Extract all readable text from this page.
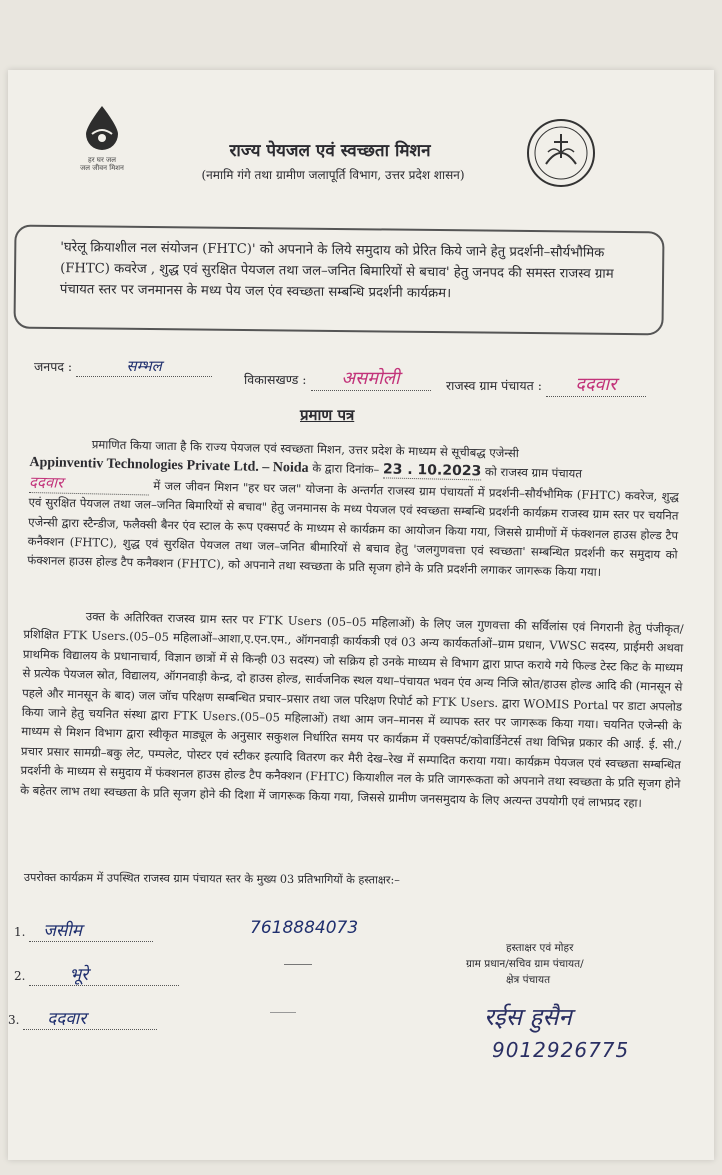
हर घर जल
जल जीवन मिशन
राज्य पेयजल एवं स्वच्छता मिशन
(नमामि गंगे तथा ग्रामीण जलापूर्ति विभाग, उत्तर प्रदेश शासन)
'घरेलू क्रियाशील नल संयोजन (FHTC)' को अपनाने के लिये समुदाय को प्रेरित किये जाने हेतु प्रदर्शनी–सौर्यभौमिक (FHTC) कवरेज , शुद्ध एवं सुरक्षित पेयजल तथा जल–जनित बिमारियों से बचाव' हेतु जनपद की समस्त राजस्व ग्राम पंचायत स्तर पर जनमानस के मध्य पेय जल एंव स्वच्छता सम्बन्धि प्रदर्शनी कार्यक्रम।
जनपद :	सम्भल
विकासखण्ड : असमोली	राजस्व ग्राम पंचायत : ददवार
प्रमाण पत्र
प्रमाणित किया जाता है कि राज्य पेयजल एवं स्वच्छता मिशन, उत्तर प्रदेश के माध्यम से सूचीबद्ध एजेन्सी
Appinventiv Technologies Private Ltd. – Noida के द्वारा दिनांक– 23 . 10.2023 को राजस्व ग्राम पंचायत
ददवार	में जल जीवन मिशन "हर घर जल" योजना के अन्तर्गत राजस्व ग्राम पंचायतों में प्रदर्शनी–सौर्यभौमिक (FHTC) कवरेज, शुद्ध एवं सुरक्षित पेयजल तथा जल–जनित बिमारियों से बचाव" हेतु जनमानस के मध्य पेयजल एवं स्वच्छता सम्बन्धि प्रदर्शनी कार्यक्रम राजस्व ग्राम स्तर पर चयनित एजेन्सी द्वारा स्टैन्डीज, फलैक्सी बैनर एंव स्टाल के रूप एक्सपर्ट के माध्यम से कार्यक्रम का आयोजन किया गया, जिससे ग्रामीणों में फंक्शनल हाउस होल्ड टैप कनैक्शन (FHTC), शुद्ध एवं सुरक्षित पेयजल तथा जल–जनित बीमारियों से बचाव हेतु 'जलगुणवत्ता एवं स्वच्छता' सम्बन्धित प्रदर्शनी कर समुदाय को फंक्शनल हाउस होल्ड टैप कनैक्शन (FHTC), को अपनाने तथा स्वच्छता के प्रति सृजग होने के प्रति प्रदर्शनी लगाकर जागरूक किया गया।
उक्त के अतिरिक्त राजस्व ग्राम स्तर पर FTK Users (05–05 महिलाओं) के लिए जल गुणवत्ता की सर्विलांस एवं निगरानी हेतु पंजीकृत/प्रशिक्षित FTK Users.(05–05 महिलाओं–आशा,ए.एन.एम., ऑगनवाड़ी कार्यकत्री एवं 03 अन्य कार्यकर्ताओं–ग्राम प्रधान, VWSC सदस्य, प्राईमरी अथवा प्राथमिक विद्यालय के प्रधानाचार्य, विज्ञान छात्रों में से किन्ही 03 सदस्य) जो सक्रिय हो उनके माध्यम से विभाग द्वारा प्राप्त कराये गये फिल्ड टेस्ट किट के माध्यम से प्रत्येक पेयजल स्रोत, विद्यालय, ऑगनवाड़ी केन्द्र, दो हाउस होल्ड, सार्वजनिक स्थल यथा–पंचायत भवन एंव अन्य निजि स्रोत/हाउस होल्ड आदि की (मानसून से पहले और मानसून के बाद) जल जॉच परिक्षण सम्बन्धित प्रचार–प्रसार तथा जल परिक्षण रिपोर्ट को FTK Users. द्वारा WOMIS Portal पर डाटा अपलोड किया जाने हेतु चयनित संस्था द्वारा FTK Users.(05–05 महिलाओं) तथा आम जन–मानस में व्यापक स्तर पर जागरूक किया गया। चयनित एजेन्सी के माध्यम से मिशन विभाग द्वारा स्वीकृत माड्यूल के अनुसार सकुशल निर्धारित समय पर कार्यक्रम में एक्सपर्ट/कोवार्डिनेटर्स तथा विभिन्न प्रकार की आई. ई. सी./प्रचार प्रसार सामग्री–बकु लेट, पम्पलेट, पोस्टर एवं स्टीकर इत्यादि वितरण कर मैरी देख–रेख में सम्पादित कराया गया। कार्यक्रम पेयजल एवं स्वच्छता सम्बन्धित प्रदर्शनी के माध्यम से समुदाय में फंक्शनल हाउस होल्ड टैप कनैक्शन (FHTC) कियाशील नल के प्रति जागरूकता को अपनाने तथा स्वच्छता के प्रति सृजग होने के बहेतर लाभ तथा स्वच्छता के प्रति सृजग होने की दिशा में जागरूक किया गया, जिससे ग्रामीण जनसमुदाय के लिए अत्यन्त उपयोगी एवं लाभप्रद रहा।
उपरोक्त कार्यक्रम में उपस्थित राजस्व ग्राम पंचायत स्तर के मुख्य 03 प्रतिभागियों के हस्ताक्षर:–
1. जसीम	7618884073
2.	भूरे
3. ददवार
हस्ताक्षर एवं मोहर
ग्राम प्रधान/सचिव ग्राम पंचायत/
क्षेत्र पंचायत
रईस हुसैन
9012926775
